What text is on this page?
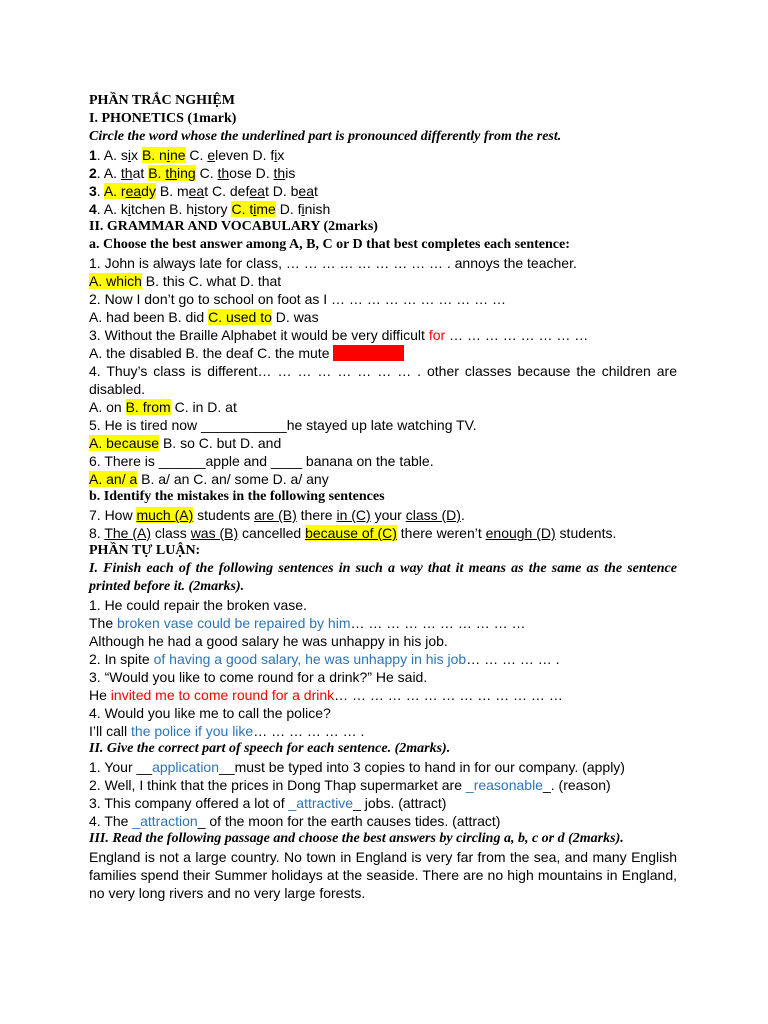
PHẦN TRẮC NGHIỆM
I. PHONETICS (1mark)
Circle the word whose the underlined part is pronounced differently from the rest.
1. A. six B. nine C. eleven D. fix
2. A. that B. thing C. those D. this
3. A. ready B. meat C. defeat D. beat
4. A. kitchen B. history C. time D. finish
II. GRAMMAR AND VOCABULARY (2marks)
a. Choose the best answer among A, B, C or D that best completes each sentence:
1. John is always late for class, … … … … … … … … … . annoys the teacher.
A. which B. this C. what D. that
2. Now I don’t go to school on foot as I … … … … … … … … … …
A. had been B. did C. used to D. was
3. Without the Braille Alphabet it would be very difficult for … … … … … … … …
A. the disabled B. the deaf C. the mute D. the blind
4. Thuy’s class is different… … … … … … … … . other classes because the children are disabled.
A. on B. from C. in D. at
5. He is tired now ___________he stayed up late watching TV.
A. because B. so C. but D. and
6. There is ______apple and ____ banana on the table.
A. an/ a B. a/ an C. an/ some D. a/ any
b. Identify the mistakes in the following sentences
7. How much (A) students are (B) there in (C) your class (D).
8. The (A) class was (B) cancelled because of (C) there weren’t enough (D) students.
PHẦN TỰ LUẬN:
I. Finish each of the following sentences in such a way that it means as the same as the sentence printed before it. (2marks).
1. He could repair the broken vase.
The broken vase could be repaired by him… … … … … … … … … …
Although he had a good salary he was unhappy in his job.
2. In spite of having a good salary, he was unhappy in his job… … … … … .
3. “Would you like to come round for a drink?” He said.
He invited me to come round for a drink… … … … … … … … … … … … …
4. Would you like me to call the police?
I’ll call the police if you like… … … … … … .
II. Give the correct part of speech for each sentence. (2marks).
1. Your __application__must be typed into 3 copies to hand in for our company. (apply)
2. Well, I think that the prices in Dong Thap supermarket are _reasonable_. (reason)
3. This company offered a lot of _attractive_ jobs. (attract)
4. The _attraction_ of the moon for the earth causes tides. (attract)
III. Read the following passage and choose the best answers by circling a, b, c or d (2marks).
England is not a large country. No town in England is very far from the sea, and many English families spend their Summer holidays at the seaside. There are no high mountains in England, no very long rivers and no very large forests.
